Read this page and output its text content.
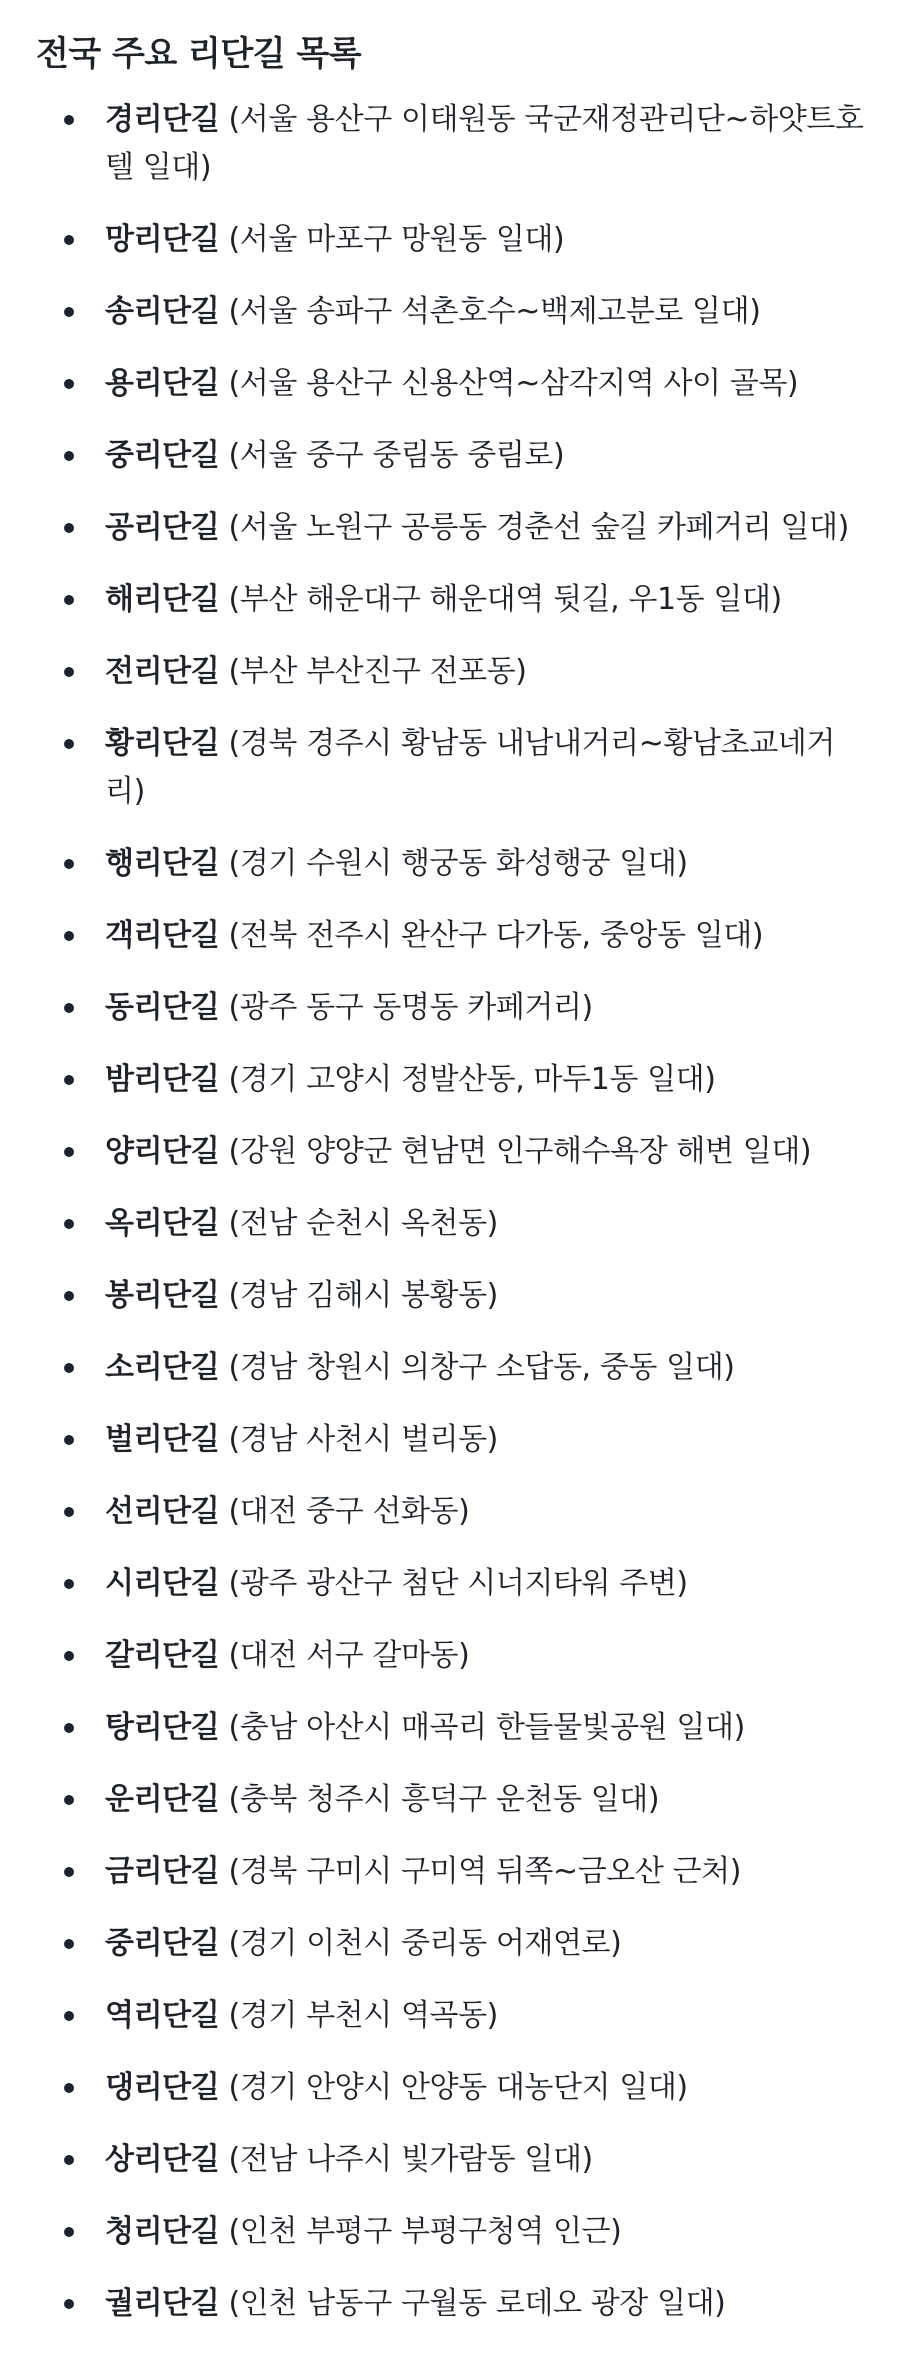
전국 주요 리단길 목록
경리단길 (서울 용산구 이태원동 국군재정관리단~하얏트호텔 일대)
망리단길 (서울 마포구 망원동 일대)
송리단길 (서울 송파구 석촌호수~백제고분로 일대)
용리단길 (서울 용산구 신용산역~삼각지역 사이 골목)
중리단길 (서울 중구 중림동 중림로)
공리단길 (서울 노원구 공릉동 경춘선 숲길 카페거리 일대)
해리단길 (부산 해운대구 해운대역 뒷길, 우1동 일대)
전리단길 (부산 부산진구 전포동)
황리단길 (경북 경주시 황남동 내남내거리~황남초교네거리)
행리단길 (경기 수원시 행궁동 화성행궁 일대)
객리단길 (전북 전주시 완산구 다가동, 중앙동 일대)
동리단길 (광주 동구 동명동 카페거리)
밤리단길 (경기 고양시 정발산동, 마두1동 일대)
양리단길 (강원 양양군 현남면 인구해수욕장 해변 일대)
옥리단길 (전남 순천시 옥천동)
봉리단길 (경남 김해시 봉황동)
소리단길 (경남 창원시 의창구 소답동, 중동 일대)
벌리단길 (경남 사천시 벌리동)
선리단길 (대전 중구 선화동)
시리단길 (광주 광산구 첨단 시너지타워 주변)
갈리단길 (대전 서구 갈마동)
탕리단길 (충남 아산시 매곡리 한들물빛공원 일대)
운리단길 (충북 청주시 흥덕구 운천동 일대)
금리단길 (경북 구미시 구미역 뒤쪽~금오산 근처)
중리단길 (경기 이천시 중리동 어재연로)
역리단길 (경기 부천시 역곡동)
댕리단길 (경기 안양시 안양동 대농단지 일대)
상리단길 (전남 나주시 빛가람동 일대)
청리단길 (인천 부평구 부평구청역 인근)
궐리단길 (인천 남동구 구월동 로데오 광장 일대)
